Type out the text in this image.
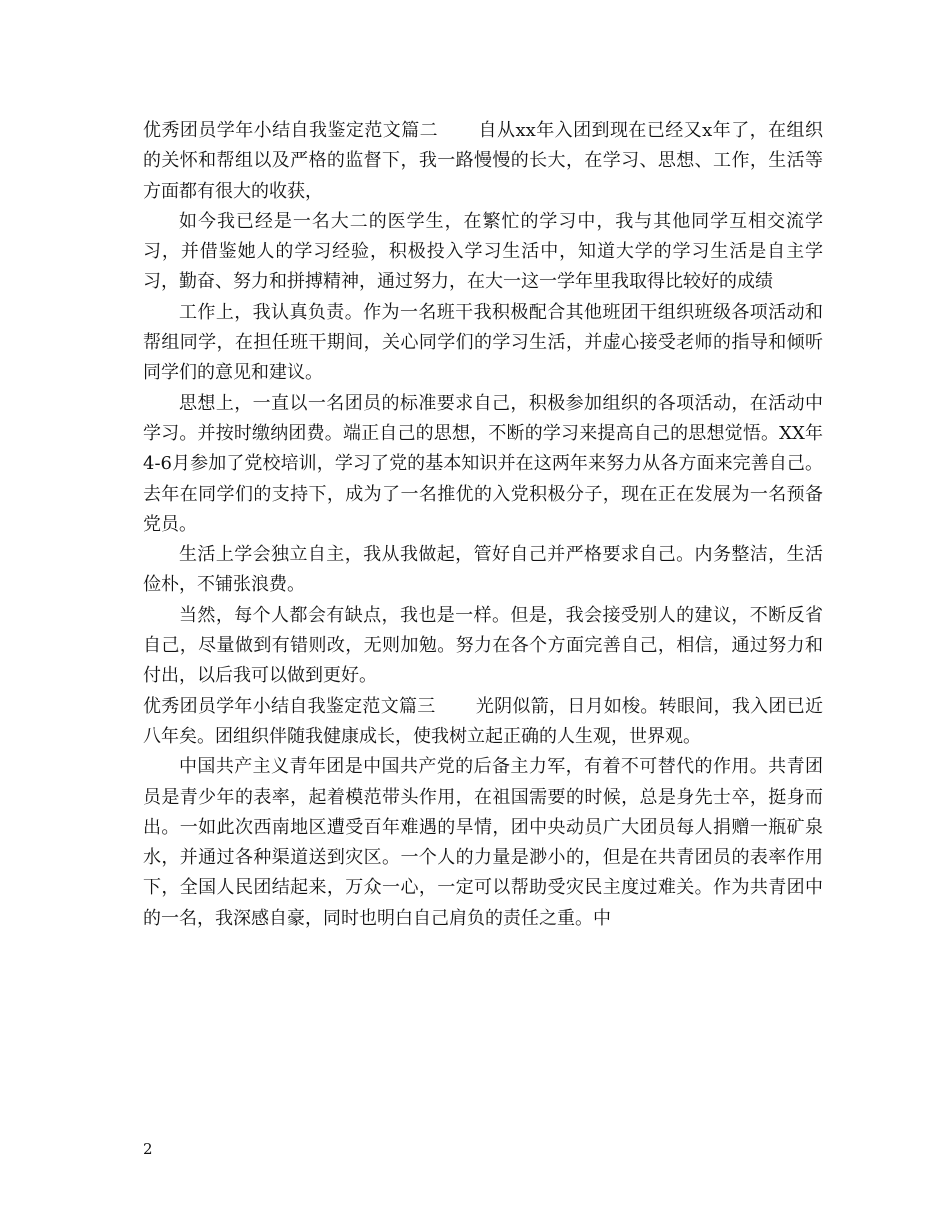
优秀团员学年小结自我鉴定范文篇二 自从xx年入团到现在已经又x年了，在组织的关怀和帮组以及严格的监督下，我一路慢慢的长大，在学习、思想、工作，生活等方面都有很大的收获，

如今我已经是一名大二的医学生，在繁忙的学习中，我与其他同学互相交流学习，并借鉴她人的学习经验，积极投入学习生活中，知道大学的学习生活是自主学习，勤奋、努力和拼搏精神，通过努力，在大一这一学年里我取得比较好的成绩

工作上，我认真负责。作为一名班干我积极配合其他班团干组织班级各项活动和帮组同学，在担任班干期间，关心同学们的学习生活，并虚心接受老师的指导和倾听同学们的意见和建议。

思想上，一直以一名团员的标准要求自己，积极参加组织的各项活动，在活动中学习。并按时缴纳团费。端正自己的思想，不断的学习来提高自己的思想觉悟。XX年4-6月参加了党校培训，学习了党的基本知识并在这两年来努力从各方面来完善自己。去年在同学们的支持下，成为了一名推优的入党积极分子，现在正在发展为一名预备党员。

生活上学会独立自主，我从我做起，管好自己并严格要求自己。内务整洁，生活俭朴，不铺张浪费。

当然，每个人都会有缺点，我也是一样。但是，我会接受别人的建议，不断反省自己，尽量做到有错则改，无则加勉。努力在各个方面完善自己，相信，通过努力和付出，以后我可以做到更好。

优秀团员学年小结自我鉴定范文篇三 光阴似箭，日月如梭。转眼间，我入团已近八年矣。团组织伴随我健康成长，使我树立起正确的人生观，世界观。

中国共产主义青年团是中国共产党的后备主力军，有着不可替代的作用。共青团员是青少年的表率，起着模范带头作用，在祖国需要的时候，总是身先士卒，挺身而出。一如此次西南地区遭受百年难遇的旱情，团中央动员广大团员每人捐赠一瓶矿泉水，并通过各种渠道送到灾区。一个人的力量是渺小的，但是在共青团员的表率作用下，全国人民团结起来，万众一心，一定可以帮助受灾民主度过难关。作为共青团中的一名，我深感自豪，同时也明白自己肩负的责任之重。中

2
